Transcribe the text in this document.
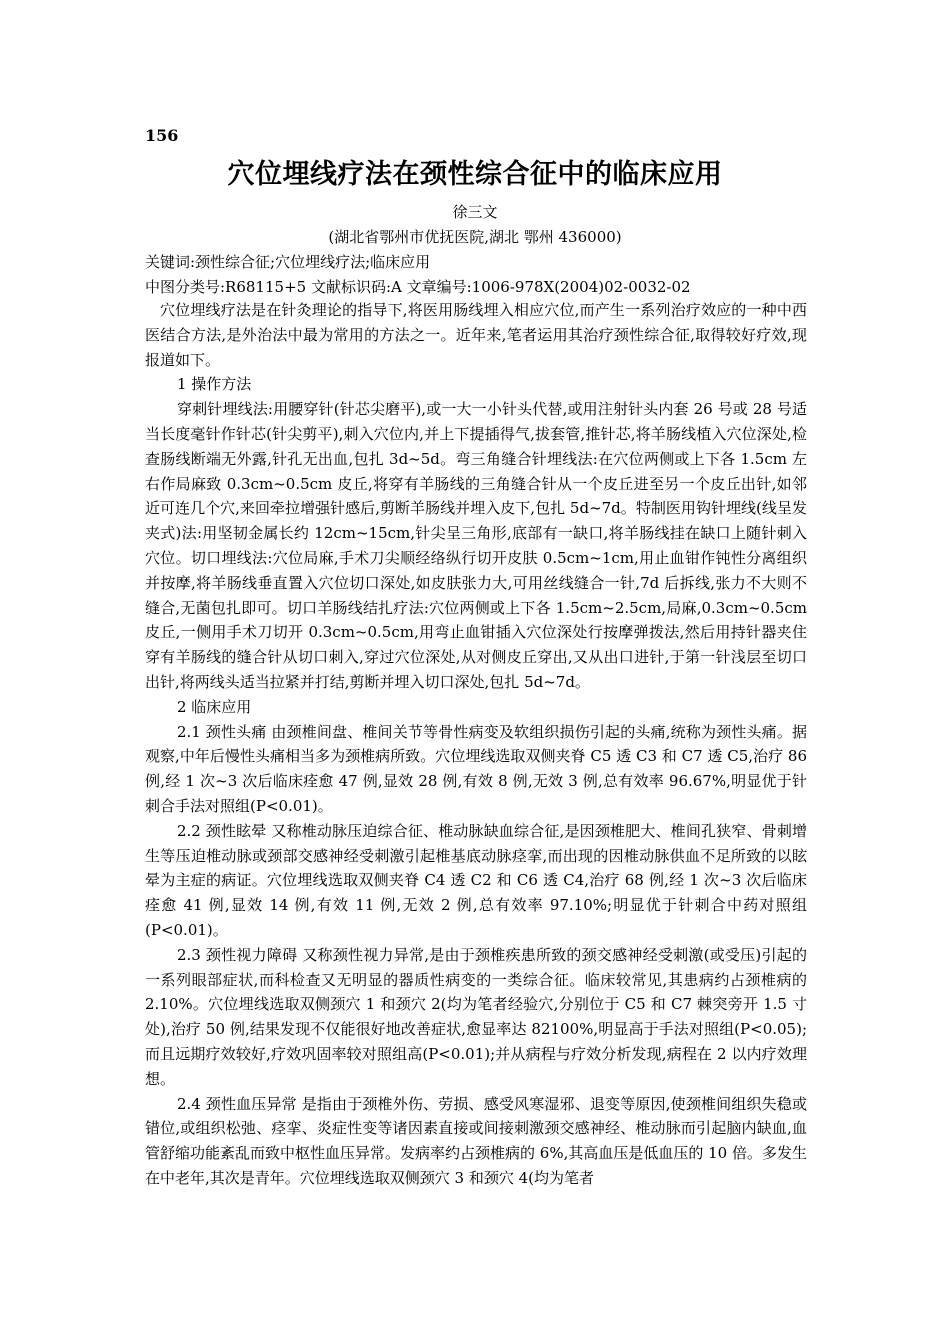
156
穴位埋线疗法在颈性综合征中的临床应用
徐三文
(湖北省鄂州市优抚医院,湖北 鄂州 436000)
关键词:颈性综合征;穴位埋线疗法;临床应用
中图分类号:R68115+5 文献标识码:A 文章编号:1006-978X(2004)02-0032-02

穴位埋线疗法是在针灸理论的指导下,将医用肠线埋入相应穴位,而产生一系列治疗效应的一种中西医结合方法,是外治法中最为常用的方法之一。近年来,笔者运用其治疗颈性综合征,取得较好疗效,现报道如下。

1 操作方法

穿刺针埋线法:用腰穿针(针芯尖磨平),或一大一小针头代替,或用注射针头内套 26 号或 28 号适当长度毫针作针芯(针尖剪平),刺入穴位内,并上下提插得气,拔套管,推针芯,将羊肠线植入穴位深处,检查肠线断端无外露,针孔无出血,包扎 3d~5d。弯三角缝合针埋线法:在穴位两侧或上下各 1.5cm 左右作局麻致 0.3cm~0.5cm 皮丘,将穿有羊肠线的三角缝合针从一个皮丘进至另一个皮丘出针,如邻近可连几个穴,来回牵拉增强针感后,剪断羊肠线并埋入皮下,包扎 5d~7d。特制医用钩针埋线(线呈发夹式)法:用坚韧金属长约 12cm~15cm,针尖呈三角形,底部有一缺口,将羊肠线挂在缺口上随针刺入穴位。切口埋线法:穴位局麻,手术刀尖顺经络纵行切开皮肤 0.5cm~1cm,用止血钳作钝性分离组织并按摩,将羊肠线垂直置入穴位切口深处,如皮肤张力大,可用丝线缝合一针,7d 后拆线,张力不大则不缝合,无菌包扎即可。切口羊肠线结扎疗法:穴位两侧或上下各 1.5cm~2.5cm,局麻,0.3cm~0.5cm 皮丘,一侧用手术刀切开 0.3cm~0.5cm,用弯止血钳插入穴位深处行按摩弹拨法,然后用持针器夹住穿有羊肠线的缝合针从切口刺入,穿过穴位深处,从对侧皮丘穿出,又从出口进针,于第一针浅层至切口出针,将两线头适当拉紧并打结,剪断并埋入切口深处,包扎 5d~7d。

2 临床应用

2.1 颈性头痛 由颈椎间盘、椎间关节等骨性病变及软组织损伤引起的头痛,统称为颈性头痛。据观察,中年后慢性头痛相当多为颈椎病所致。穴位埋线选取双侧夹脊 C5 透 C3 和 C7 透 C5,治疗 86 例,经 1 次~3 次后临床痊愈 47 例,显效 28 例,有效 8 例,无效 3 例,总有效率 96.67%,明显优于针刺合手法对照组(P<0.01)。

2.2 颈性眩晕 又称椎动脉压迫综合征、椎动脉缺血综合征,是因颈椎肥大、椎间孔狭窄、骨刺增生等压迫椎动脉或颈部交感神经受刺激引起椎基底动脉痉挛,而出现的因椎动脉供血不足所致的以眩晕为主症的病证。穴位埋线选取双侧夹脊 C4 透 C2 和 C6 透 C4,治疗 68 例,经 1 次~3 次后临床痊愈 41 例,显效 14 例,有效 11 例,无效 2 例,总有效率 97.10%;明显优于针刺合中药对照组(P<0.01)。

2.3 颈性视力障碍 又称颈性视力异常,是由于颈椎疾患所致的颈交感神经受刺激(或受压)引起的一系列眼部症状,而科检查又无明显的器质性病变的一类综合征。临床较常见,其患病约占颈椎病的 2.10%。穴位埋线选取双侧颈穴 1 和颈穴 2(均为笔者经验穴,分别位于 C5 和 C7 棘突旁开 1.5 寸处),治疗 50 例,结果发现不仅能很好地改善症状,愈显率达 82100%,明显高于手法对照组(P<0.05);而且远期疗效较好,疗效巩固率较对照组高(P<0.01);并从病程与疗效分析发现,病程在 2 以内疗效理想。

2.4 颈性血压异常 是指由于颈椎外伤、劳损、感受风寒湿邪、退变等原因,使颈椎间组织失稳或错位,或组织松弛、痉挛、炎症性变等诸因素直接或间接刺激颈交感神经、椎动脉而引起脑内缺血,血管舒缩功能紊乱而致中枢性血压异常。发病率约占颈椎病的 6%,其高血压是低血压的 10 倍。多发生在中老年,其次是青年。穴位埋线选取双侧颈穴 3 和颈穴 4(均为笔者
